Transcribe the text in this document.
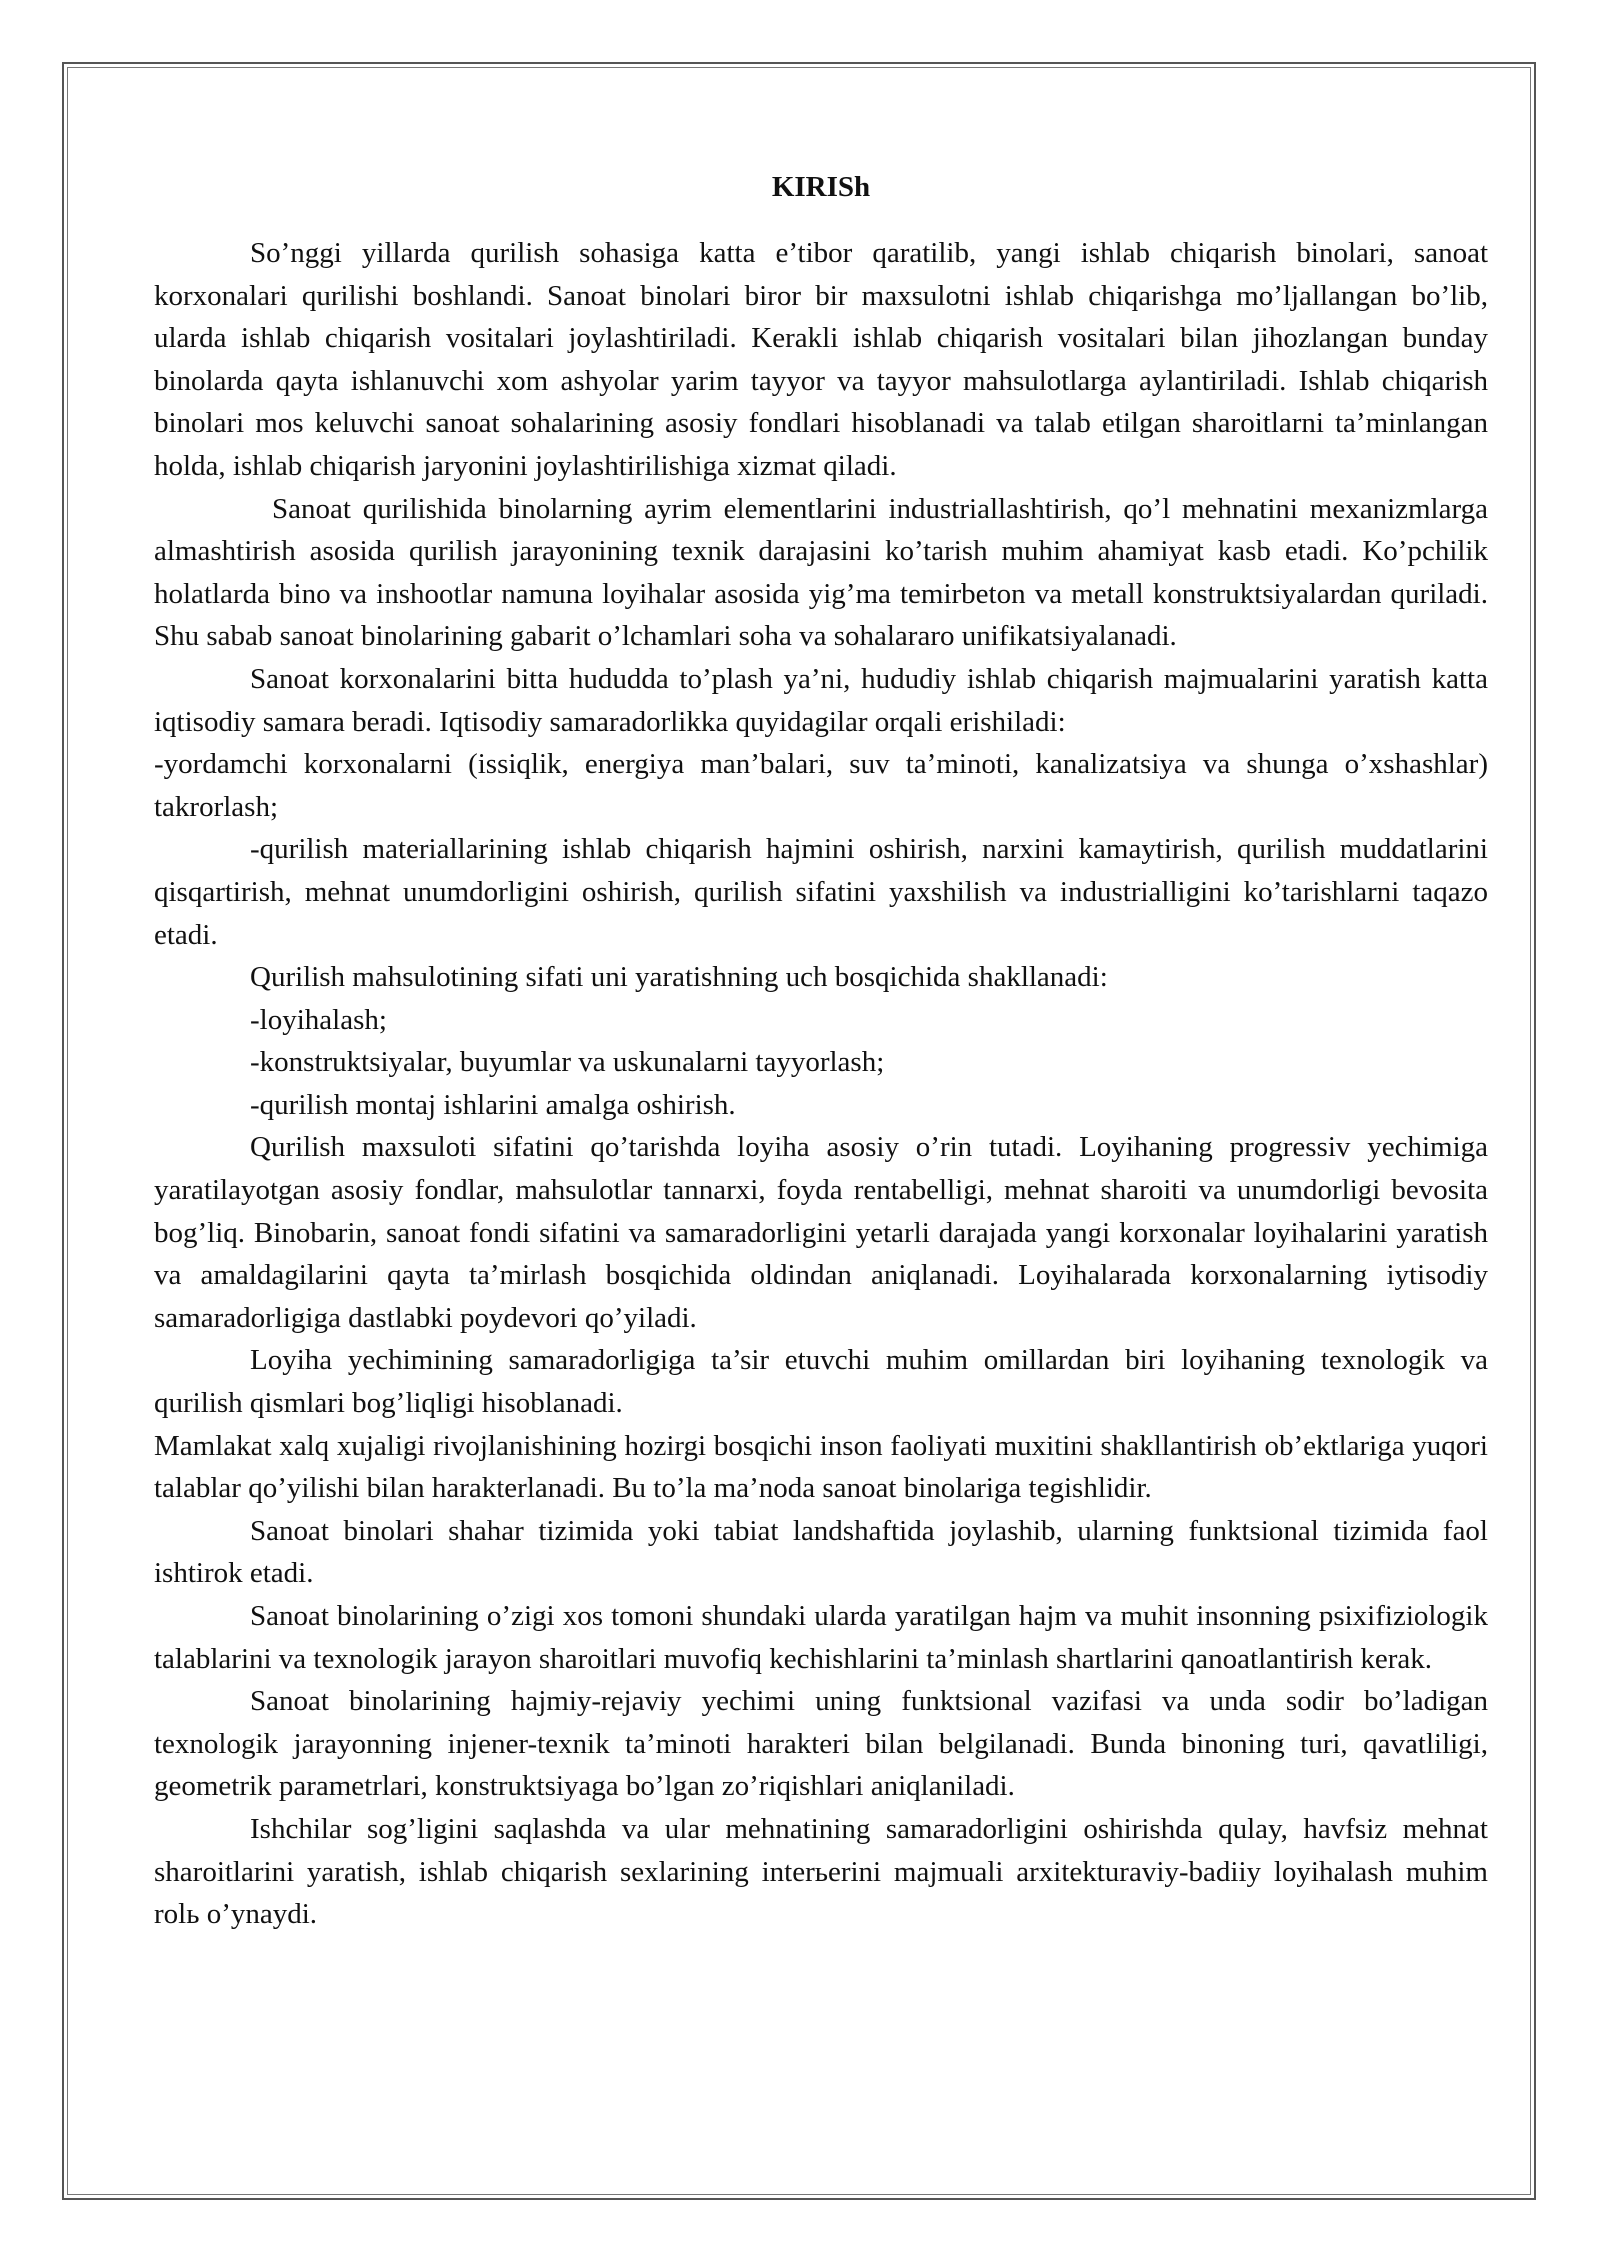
KIRISh

So’nggi yillarda qurilish sohasiga katta e’tibor qaratilib, yangi ishlab chiqarish binolari, sanoat korxonalari qurilishi boshlandi. Sanoat binolari biror bir maxsulotni ishlab chiqarishga mo’ljallangan bo’lib, ularda ishlab chiqarish vositalari joylashtiriladi. Kerakli ishlab chiqarish vositalari bilan jihozlangan bunday binolarda qayta ishlanuvchi xom ashyolar yarim tayyor va tayyor mahsulotlarga aylantiriladi. Ishlab chiqarish binolari mos keluvchi sanoat sohalarining asosiy fondlari hisoblanadi va talab etilgan sharoitlarni ta’minlangan holda, ishlab chiqarish jaryonini joylashtirilishiga xizmat qiladi.

Sanoat qurilishida binolarning ayrim elementlarini industriallashtirish, qo’l mehnatini mexanizmlarga almashtirish asosida qurilish jarayonining texnik darajasini ko’tarish muhim ahamiyat kasb etadi. Ko’pchilik holatlarda bino va inshootlar namuna loyihalar asosida yig’ma temirbeton va metall konstruktsiyalardan quriladi. Shu sabab sanoat binolarining gabarit o’lchamlari soha va sohalararo unifikatsiyalanadi.

Sanoat korxonalarini bitta hududda to’plash ya’ni, hududiy ishlab chiqarish majmualarini yaratish katta iqtisodiy samara beradi. Iqtisodiy samaradorlikka quyidagilar orqali erishiladi:

-yordamchi korxonalarni (issiqlik, energiya man’balari, suv ta’minoti, kanalizatsiya va shunga o’xshashlar) takrorlash;

-qurilish materiallarining ishlab chiqarish hajmini oshirish, narxini kamaytirish, qurilish muddatlarini qisqartirish, mehnat unumdorligini oshirish, qurilish sifatini yaxshilish va industrialligini ko’tarishlarni taqazo etadi.

Qurilish mahsulotining sifati uni yaratishning uch bosqichida shakllanadi:

-loyihalash;

-konstruktsiyalar, buyumlar va uskunalarni tayyorlash;

-qurilish montaj ishlarini amalga oshirish.

Qurilish maxsuloti sifatini qo’tarishda loyiha asosiy o’rin tutadi. Loyihaning progressiv yechimiga yaratilayotgan asosiy fondlar, mahsulotlar tannarxi, foyda rentabelligi, mehnat sharoiti va unumdorligi bevosita bog’liq. Binobarin, sanoat fondi sifatini va samaradorligini yetarli darajada yangi korxonalar loyihalarini yaratish va amaldagilarini qayta ta’mirlash bosqichida oldindan aniqlanadi. Loyihalarada korxonalarning iytisodiy samaradorligiga dastlabki poydevori qo’yiladi.

Loyiha yechimining samaradorligiga ta’sir etuvchi muhim omillardan biri loyihaning texnologik va qurilish qismlari bog’liqligi hisoblanadi.

Mamlakat xalq xujaligi rivojlanishining hozirgi bosqichi inson faoliyati muxitini shakllantirish ob’ektlariga yuqori talablar qo’yilishi bilan harakterlanadi. Bu to’la ma’noda sanoat binolariga tegishlidir.

Sanoat binolari shahar tizimida yoki tabiat landshaftida joylashib, ularning funktsional tizimida faol ishtirok etadi.

Sanoat binolarining o’zigi xos tomoni shundaki ularda yaratilgan hajm va muhit insonning psixifiziologik talablarini va texnologik jarayon sharoitlari muvofiq kechishlarini ta’minlash shartlarini qanoatlantirish kerak.

Sanoat binolarining hajmiy-rejaviy yechimi uning funktsional vazifasi va unda sodir bo’ladigan texnologik jarayonning injener-texnik ta’minoti harakteri bilan belgilanadi. Bunda binoning turi, qavatliligi, geometrik parametrlari, konstruktsiyaga bo’lgan zo’riqishlari aniqlaniladi.

Ishchilar sog’ligini saqlashda va ular mehnatining samaradorligini oshirishda qulay, havfsiz mehnat sharoitlarini yaratish, ishlab chiqarish sexlarining interьerini majmuali arxitekturaviy-badiiy loyihalash muhim rolь o’ynaydi.
